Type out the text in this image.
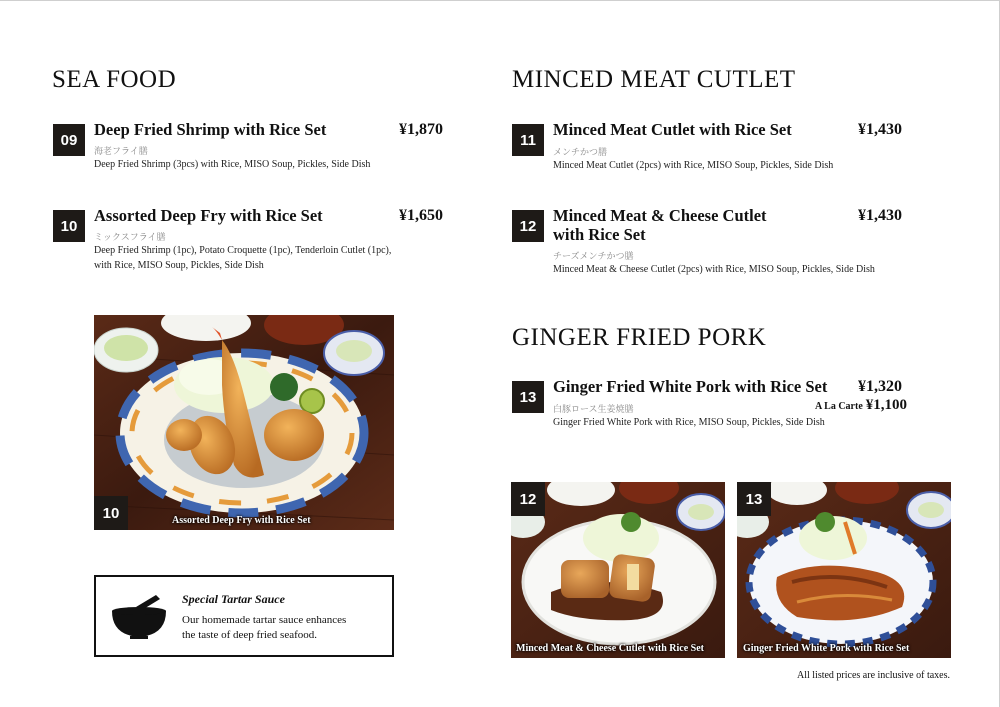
SEA FOOD	MINCED MEAT CUTLET
GINGER FRIED PORK
09
Deep Fried Shrimp with Rice Set	¥1,870
海老フライ膳
Deep Fried Shrimp (3pcs) with Rice, MISO Soup, Pickles, Side Dish
10
Assorted Deep Fry with Rice Set	¥1,650
ミックスフライ膳
Deep Fried Shrimp (1pc), Potato Croquette (1pc), Tenderloin Cutlet (1pc),
with Rice, MISO Soup, Pickles, Side Dish
11
Minced Meat Cutlet with Rice Set	¥1,430
メンチかつ膳
Minced Meat Cutlet (2pcs) with Rice, MISO Soup, Pickles, Side Dish
12
Minced Meat & Cheese Cutlet
with Rice Set
¥1,430
チーズメンチかつ膳
Minced Meat & Cheese Cutlet (2pcs) with Rice, MISO Soup, Pickles, Side Dish
13
Ginger Fried White Pork with Rice Set ¥1,320
白豚ロース生姜焼膳	A La Carte ¥1,100
Ginger Fried White Pork with Rice, MISO Soup, Pickles, Side Dish
10	Assorted Deep Fry with Rice Set
12
Minced Meat & Cheese Cutlet with Rice Set
13
Ginger Fried White Pork with Rice Set
Special Tartar Sauce
Our homemade tartar sauce enhances
the taste of deep fried seafood.
All listed prices are inclusive of taxes.
